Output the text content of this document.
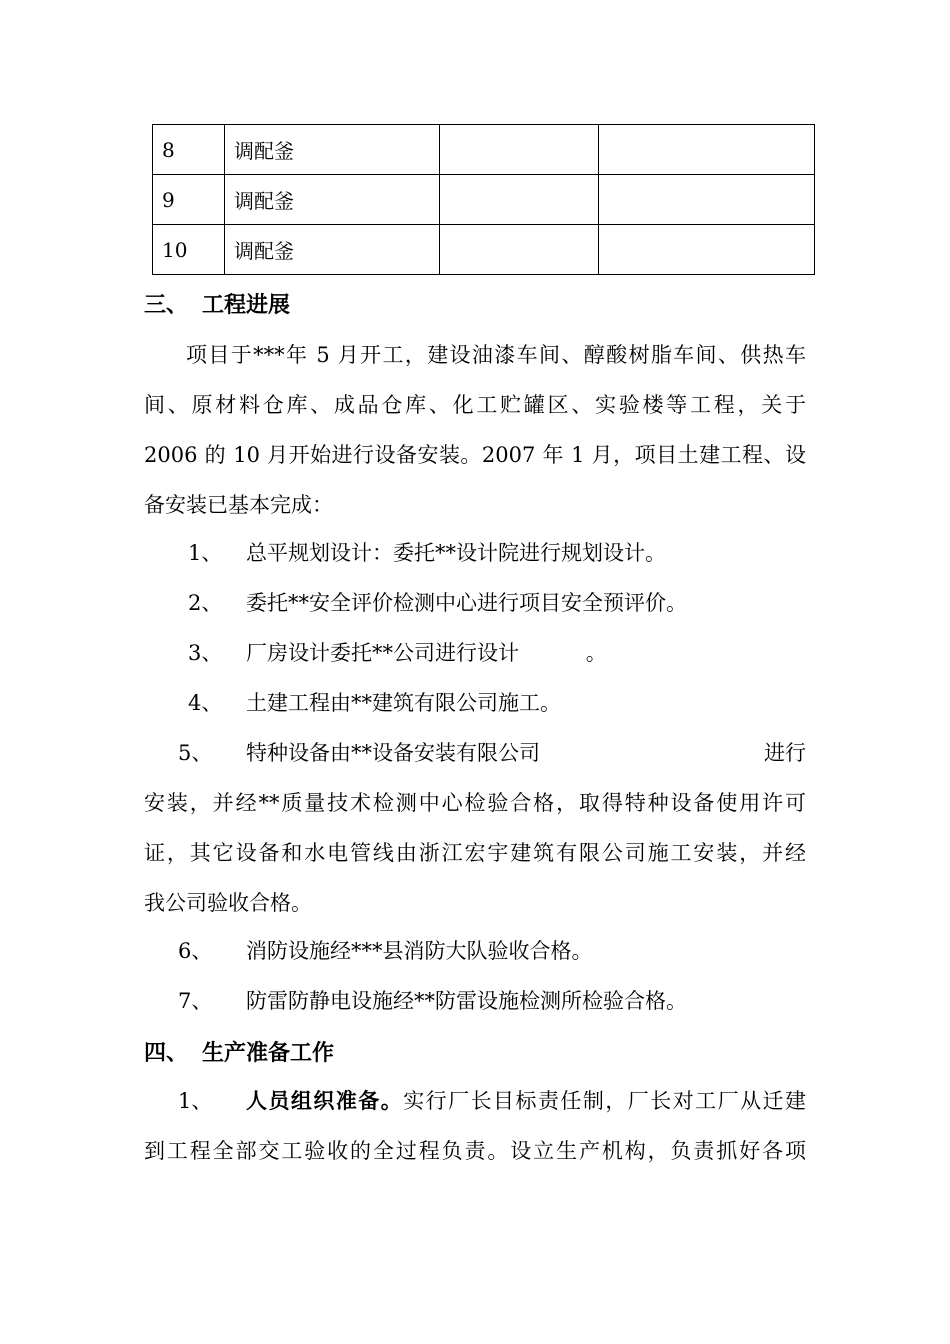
8	调配釜		
9	调配釜		
10	调配釜		
三、 工程进展
项目于***年 5 月开工，建设油漆车间、醇酸树脂车间、供热车
间、原材料仓库、成品仓库、化工贮罐区、实验楼等工程，关于
2006 的 10 月开始进行设备安装。2007 年 1 月，项目土建工程、设
备安装已基本完成：
1、 总平规划设计：委托**设计院进行规划设计。
2、 委托**安全评价检测中心进行项目安全预评价。
3、 厂房设计委托**公司进行设计          。
4、 土建工程由**建筑有限公司施工。
5、 特种设备由**设备安装有限公司	进行
安装，并经**质量技术检测中心检验合格，取得特种设备使用许可
证，其它设备和水电管线由浙江宏宇建筑有限公司施工安装，并经
我公司验收合格。
6、 消防设施经***县消防大队验收合格。
7、 防雷防静电设施经**防雷设施检测所检验合格。
四、 生产准备工作
1、 人员组织准备。实行厂长目标责任制，厂长对工厂从迁建
到工程全部交工验收的全过程负责。设立生产机构，负责抓好各项
